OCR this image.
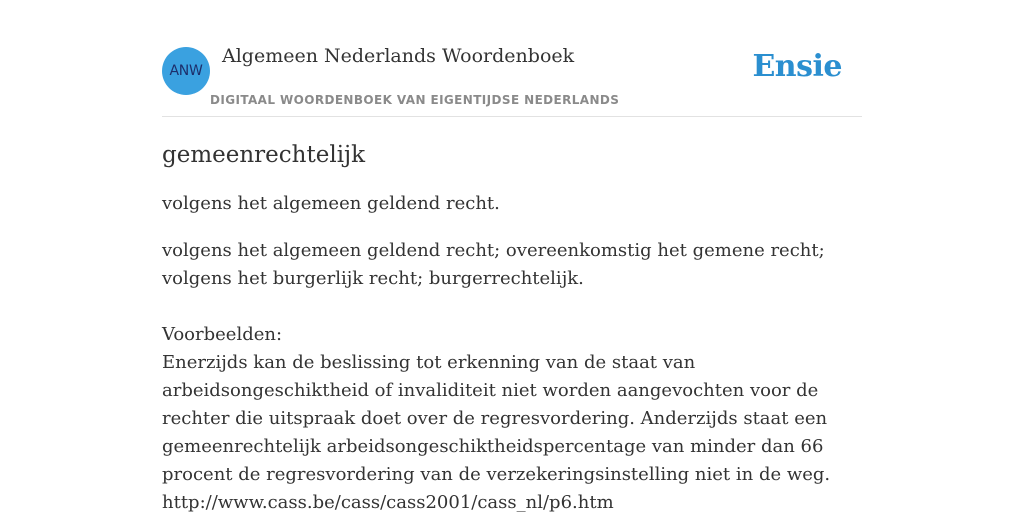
ANW
Algemeen Nederlands Woordenboek
DIGITAAL WOORDENBOEK VAN EIGENTIJDSE NEDERLANDS
Ensie
gemeenrechtelijk

volgens het algemeen geldend recht.

volgens het algemeen geldend recht; overeenkomstig het gemene recht; volgens het burgerlijk recht; burgerrechtelijk.

Voorbeelden:
Enerzijds kan de beslissing tot erkenning van de staat van arbeidsongeschiktheid of invaliditeit niet worden aangevochten voor de rechter die uitspraak doet over de regresvordering. Anderzijds staat een gemeenrechtelijk arbeidsongeschiktheidspercentage van minder dan 66 procent de regresvordering van de verzekeringsinstelling niet in de weg.
http://www.cass.be/cass/cass2001/cass_nl/p6.htm
